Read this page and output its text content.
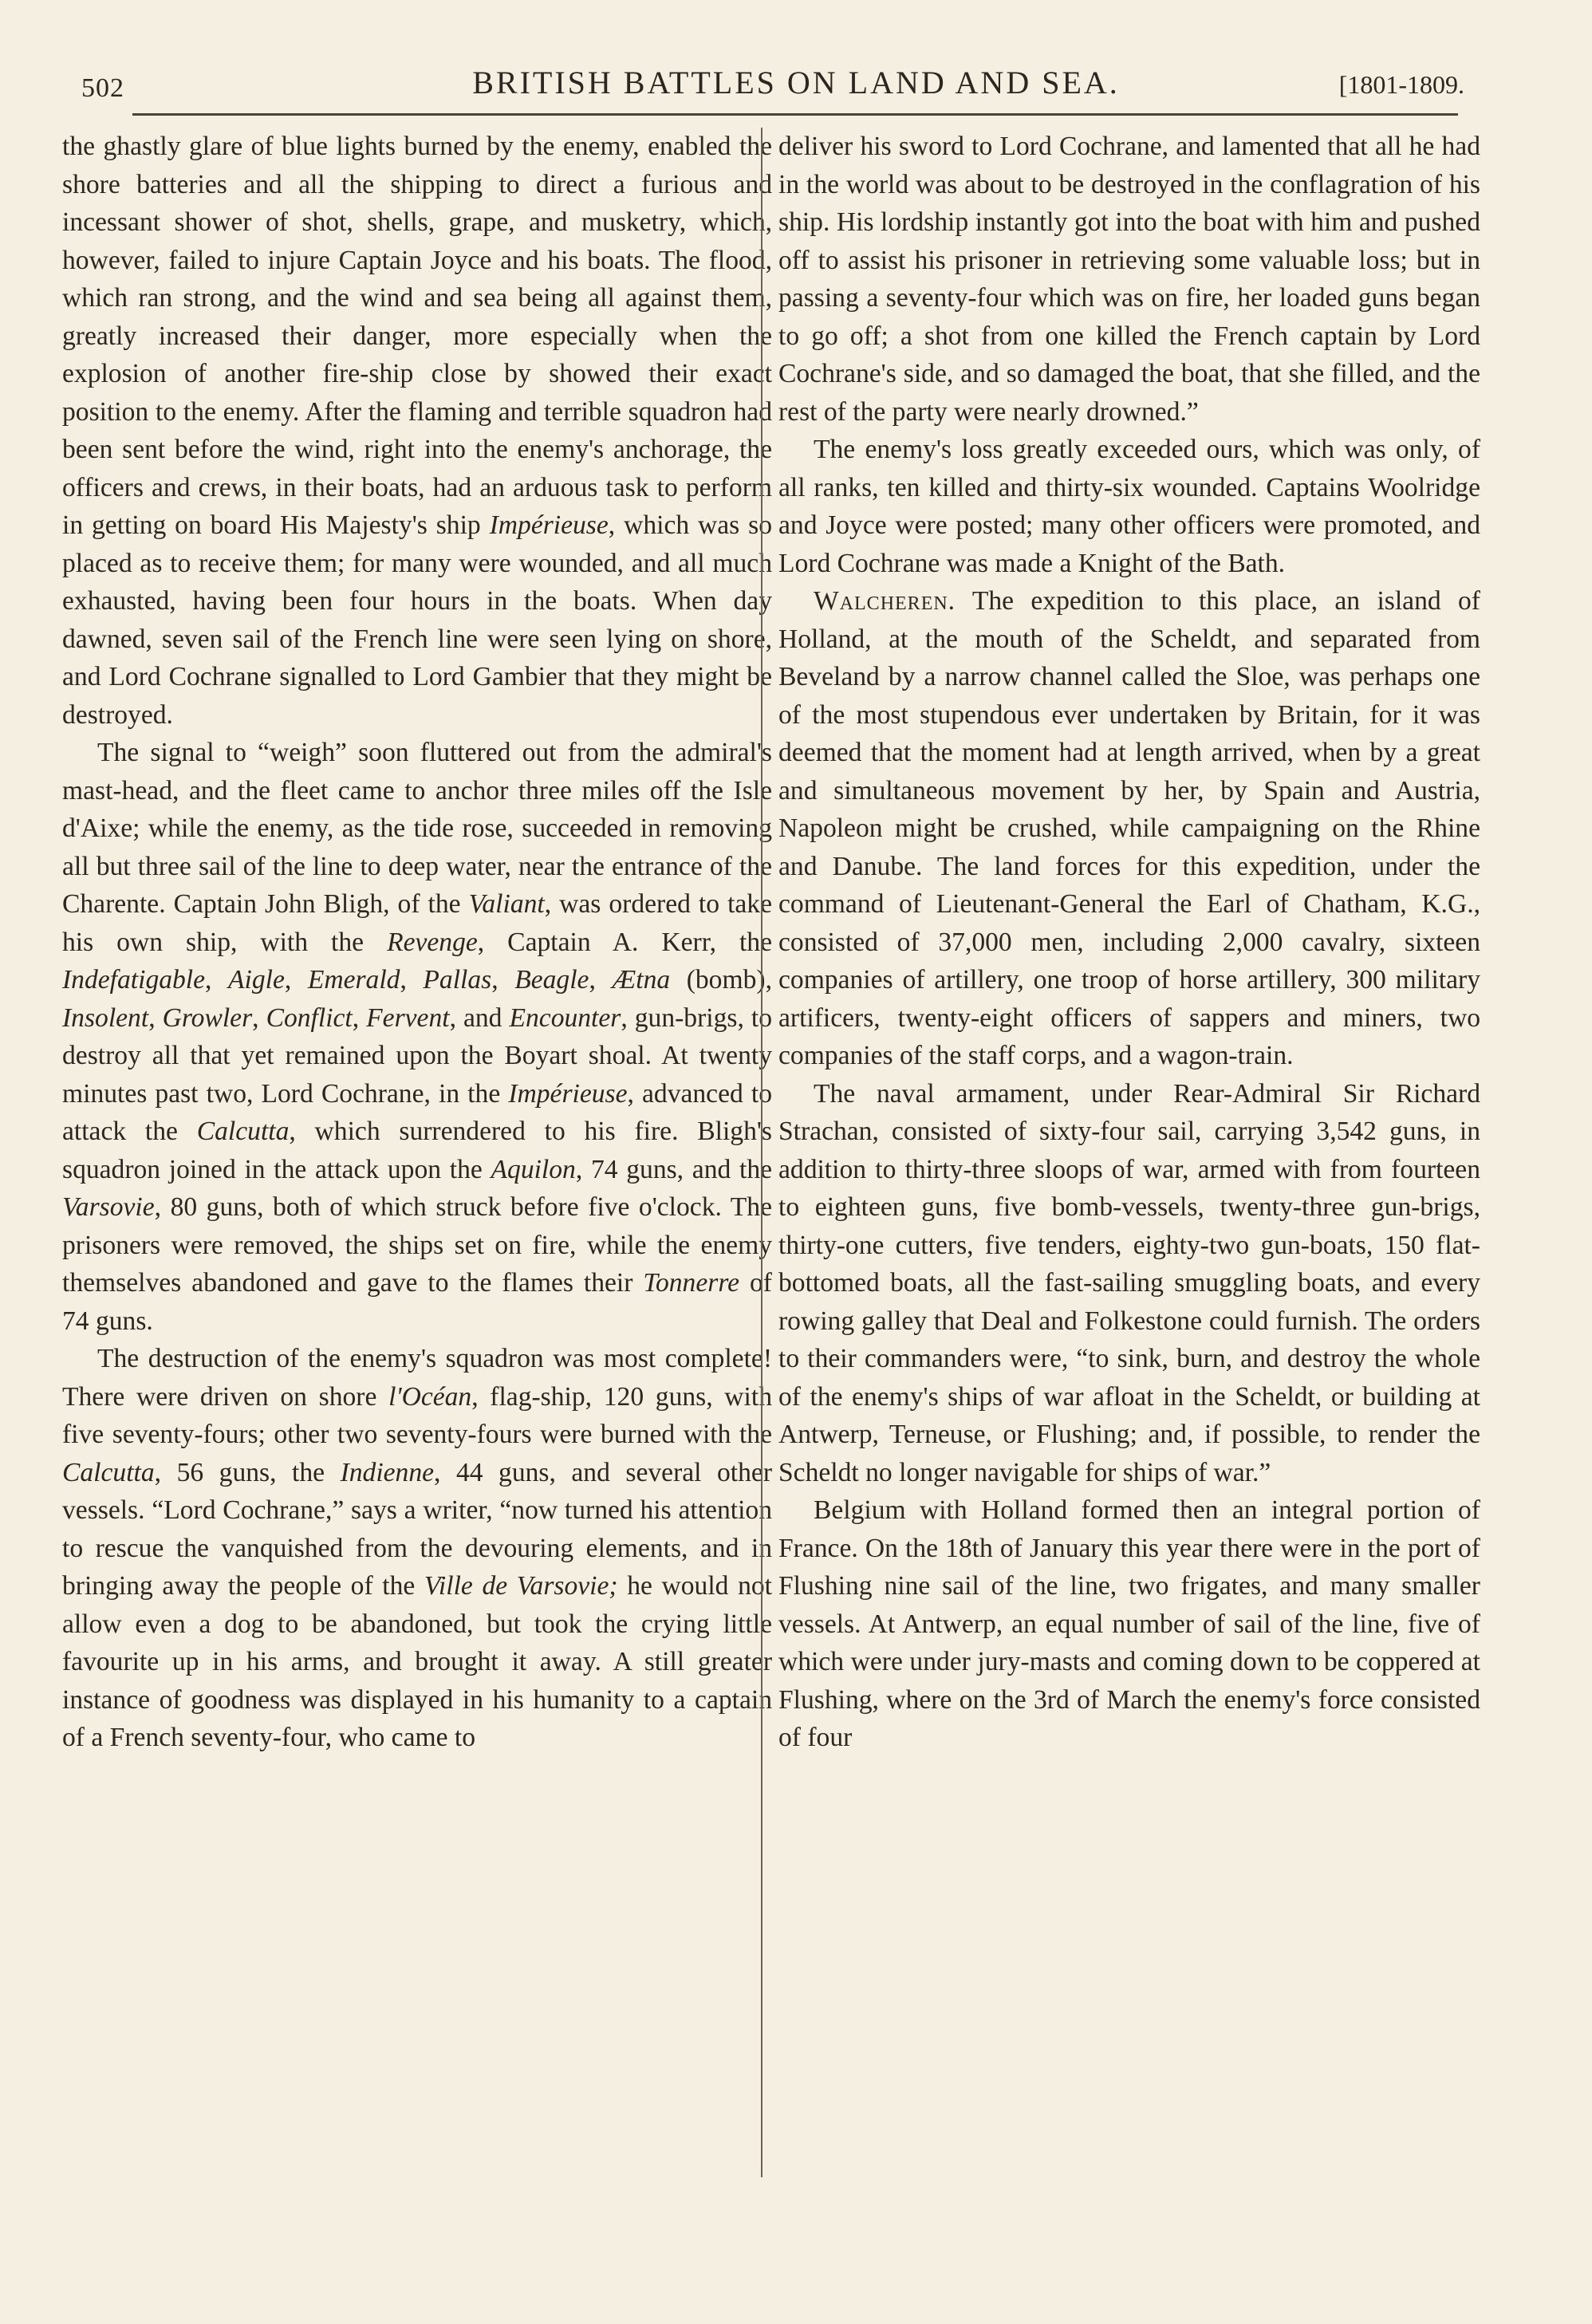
502	BRITISH BATTLES ON LAND AND SEA.	[1801-1809.

the ghastly glare of blue lights burned by the enemy, enabled the shore batteries and all the shipping to direct a furious and incessant shower of shot, shells, grape, and musketry, which, however, failed to injure Captain Joyce and his boats. The flood, which ran strong, and the wind and sea being all against them, greatly increased their danger, more especially when the explosion of another fire-ship close by showed their exact position to the enemy. After the flaming and terrible squadron had been sent before the wind, right into the enemy's anchorage, the officers and crews, in their boats, had an arduous task to perform in getting on board His Majesty's ship Impérieuse, which was so placed as to receive them; for many were wounded, and all much exhausted, having been four hours in the boats. When day dawned, seven sail of the French line were seen lying on shore, and Lord Cochrane signalled to Lord Gambier that they might be destroyed.

The signal to “weigh” soon fluttered out from the admiral's mast-head, and the fleet came to anchor three miles off the Isle d'Aixe; while the enemy, as the tide rose, succeeded in removing all but three sail of the line to deep water, near the entrance of the Charente. Captain John Bligh, of the Valiant, was ordered to take his own ship, with the Revenge, Captain A. Kerr, the Indefatigable, Aigle, Emerald, Pallas, Beagle, Ætna (bomb), Insolent, Growler, Conflict, Fervent, and Encounter, gun-brigs, to destroy all that yet remained upon the Boyart shoal. At twenty minutes past two, Lord Cochrane, in the Impérieuse, advanced to attack the Calcutta, which surrendered to his fire. Bligh's squadron joined in the attack upon the Aquilon, 74 guns, and the Varsovie, 80 guns, both of which struck before five o'clock. The prisoners were removed, the ships set on fire, while the enemy themselves abandoned and gave to the flames their Tonnerre of 74 guns.

The destruction of the enemy's squadron was most complete! There were driven on shore l'Océan, flag-ship, 120 guns, with five seventy-fours; other two seventy-fours were burned with the Calcutta, 56 guns, the Indienne, 44 guns, and several other vessels. “Lord Cochrane,” says a writer, “now turned his attention to rescue the vanquished from the devouring elements, and in bringing away the people of the Ville de Varsovie; he would not allow even a dog to be abandoned, but took the crying little favourite up in his arms, and brought it away. A still greater instance of goodness was displayed in his humanity to a captain of a French seventy-four, who came to

deliver his sword to Lord Cochrane, and lamented that all he had in the world was about to be destroyed in the conflagration of his ship. His lordship instantly got into the boat with him and pushed off to assist his prisoner in retrieving some valuable loss; but in passing a seventy-four which was on fire, her loaded guns began to go off; a shot from one killed the French captain by Lord Cochrane's side, and so damaged the boat, that she filled, and the rest of the party were nearly drowned.”

The enemy's loss greatly exceeded ours, which was only, of all ranks, ten killed and thirty-six wounded. Captains Woolridge and Joyce were posted; many other officers were promoted, and Lord Cochrane was made a Knight of the Bath.

Walcheren. The expedition to this place, an island of Holland, at the mouth of the Scheldt, and separated from Beveland by a narrow channel called the Sloe, was perhaps one of the most stupendous ever undertaken by Britain, for it was deemed that the moment had at length arrived, when by a great and simultaneous movement by her, by Spain and Austria, Napoleon might be crushed, while campaigning on the Rhine and Danube. The land forces for this expedition, under the command of Lieutenant-General the Earl of Chatham, K.G., consisted of 37,000 men, including 2,000 cavalry, sixteen companies of artillery, one troop of horse artillery, 300 military artificers, twenty-eight officers of sappers and miners, two companies of the staff corps, and a wagon-train.

The naval armament, under Rear-Admiral Sir Richard Strachan, consisted of sixty-four sail, carrying 3,542 guns, in addition to thirty-three sloops of war, armed with from fourteen to eighteen guns, five bomb-vessels, twenty-three gun-brigs, thirty-one cutters, five tenders, eighty-two gun-boats, 150 flat-bottomed boats, all the fast-sailing smuggling boats, and every rowing galley that Deal and Folkestone could furnish. The orders to their commanders were, “to sink, burn, and destroy the whole of the enemy's ships of war afloat in the Scheldt, or building at Antwerp, Terneuse, or Flushing; and, if possible, to render the Scheldt no longer navigable for ships of war.”

Belgium with Holland formed then an integral portion of France. On the 18th of January this year there were in the port of Flushing nine sail of the line, two frigates, and many smaller vessels. At Antwerp, an equal number of sail of the line, five of which were under jury-masts and coming down to be coppered at Flushing, where on the 3rd of March the enemy's force consisted of four
